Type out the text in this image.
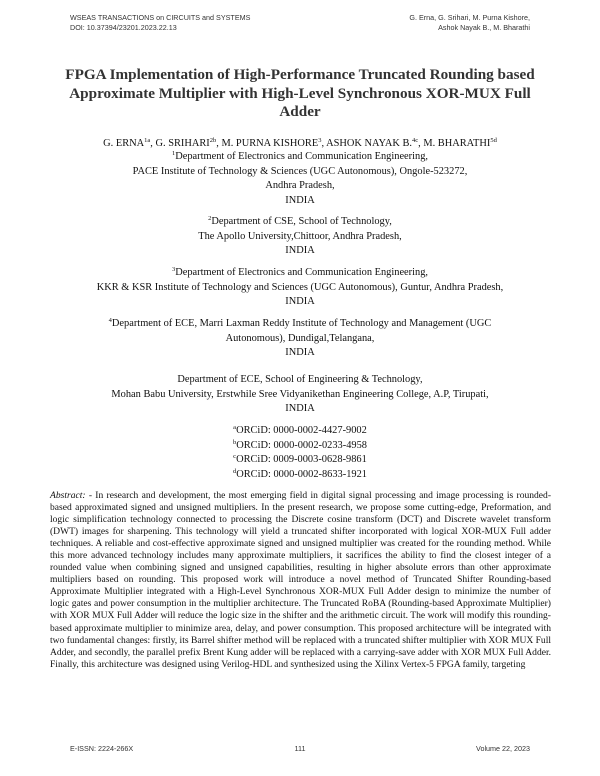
WSEAS TRANSACTIONS on CIRCUITS and SYSTEMS
DOI: 10.37394/23201.2023.22.13
G. Erna, G. Srihari, M. Purna Kishore,
Ashok Nayak B., M. Bharathi
FPGA Implementation of High-Performance Truncated Rounding based Approximate Multiplier with High-Level Synchronous XOR-MUX Full Adder
G. $ERNA^{1a}$, G. $SRIHARI^{2b}$, M. PURNA KISHORE$^3$, ASHOK NAYAK B.$^{4c}$, M. $BHARATHI^{5d}$
$^1$Department of Electronics and Communication Engineering,
PACE Institute of Technology & Sciences (UGC Autonomous), Ongole-523272,
Andhra Pradesh,
INDIA
$^2$Department of CSE, School of Technology,
The Apollo University,Chittoor, Andhra Pradesh,
INDIA
$^3$Department of Electronics and Communication Engineering,
KKR & KSR Institute of Technology and Sciences (UGC Autonomous), Guntur, Andhra Pradesh,
INDIA
$^4$Department of ECE, Marri Laxman Reddy Institute of Technology and Management (UGC
Autonomous), Dundigal,Telangana,
INDIA
Department of ECE, School of Engineering & Technology,
Mohan Babu University, Erstwhile Sree Vidyanikethan Engineering College, A.P, Tirupati,
INDIA
$^a$ORCiD: 0000-0002-4427-9002
$^b$ORCiD: 0000-0002-0233-4958
$^c$ORCiD: 0009-0003-0628-9861
$^d$ORCiD: 0000-0002-8633-1921

Abstract: - In research and development, the most emerging field in digital signal processing and image processing is rounded-based approximated signed and unsigned multipliers. In the present research, we propose some cutting-edge, Preformation, and logic simplification technology connected to processing the Discrete cosine transform (DCT) and Discrete wavelet transform (DWT) images for sharpening. This technology will yield a truncated shifter incorporated with logical XOR-MUX Full adder techniques. A reliable and cost-effective approximate signed and unsigned multiplier was created for the rounding method. While this more advanced technology includes many approximate multipliers, it sacrifices the ability to find the closest integer of a rounded value when combining signed and unsigned capabilities, resulting in higher absolute errors than other approximate multipliers based on rounding. This proposed work will introduce a novel method of Truncated Shifter Rounding-based Approximate Multiplier integrated with a High-Level Synchronous XOR-MUX Full Adder design to minimize the number of logic gates and power consumption in the multiplier architecture. The Truncated RoBA (Rounding-based Approximate Multiplier) with XOR MUX Full Adder will reduce the logic size in the shifter and the arithmetic circuit. The work will modify this rounding-based approximate multiplier to minimize area, delay, and power consumption. This proposed architecture will be integrated with two fundamental changes: firstly, its Barrel shifter method will be replaced with a truncated shifter multiplier with XOR MUX Full Adder, and secondly, the parallel prefix Brent Kung adder will be replaced with a carrying-save adder with XOR MUX Full Adder. Finally, this architecture was designed using Verilog-HDL and synthesized using the Xilinx Vertex-5 FPGA family, targeting

E-ISSN: 2224-266X	111	Volume 22, 2023
